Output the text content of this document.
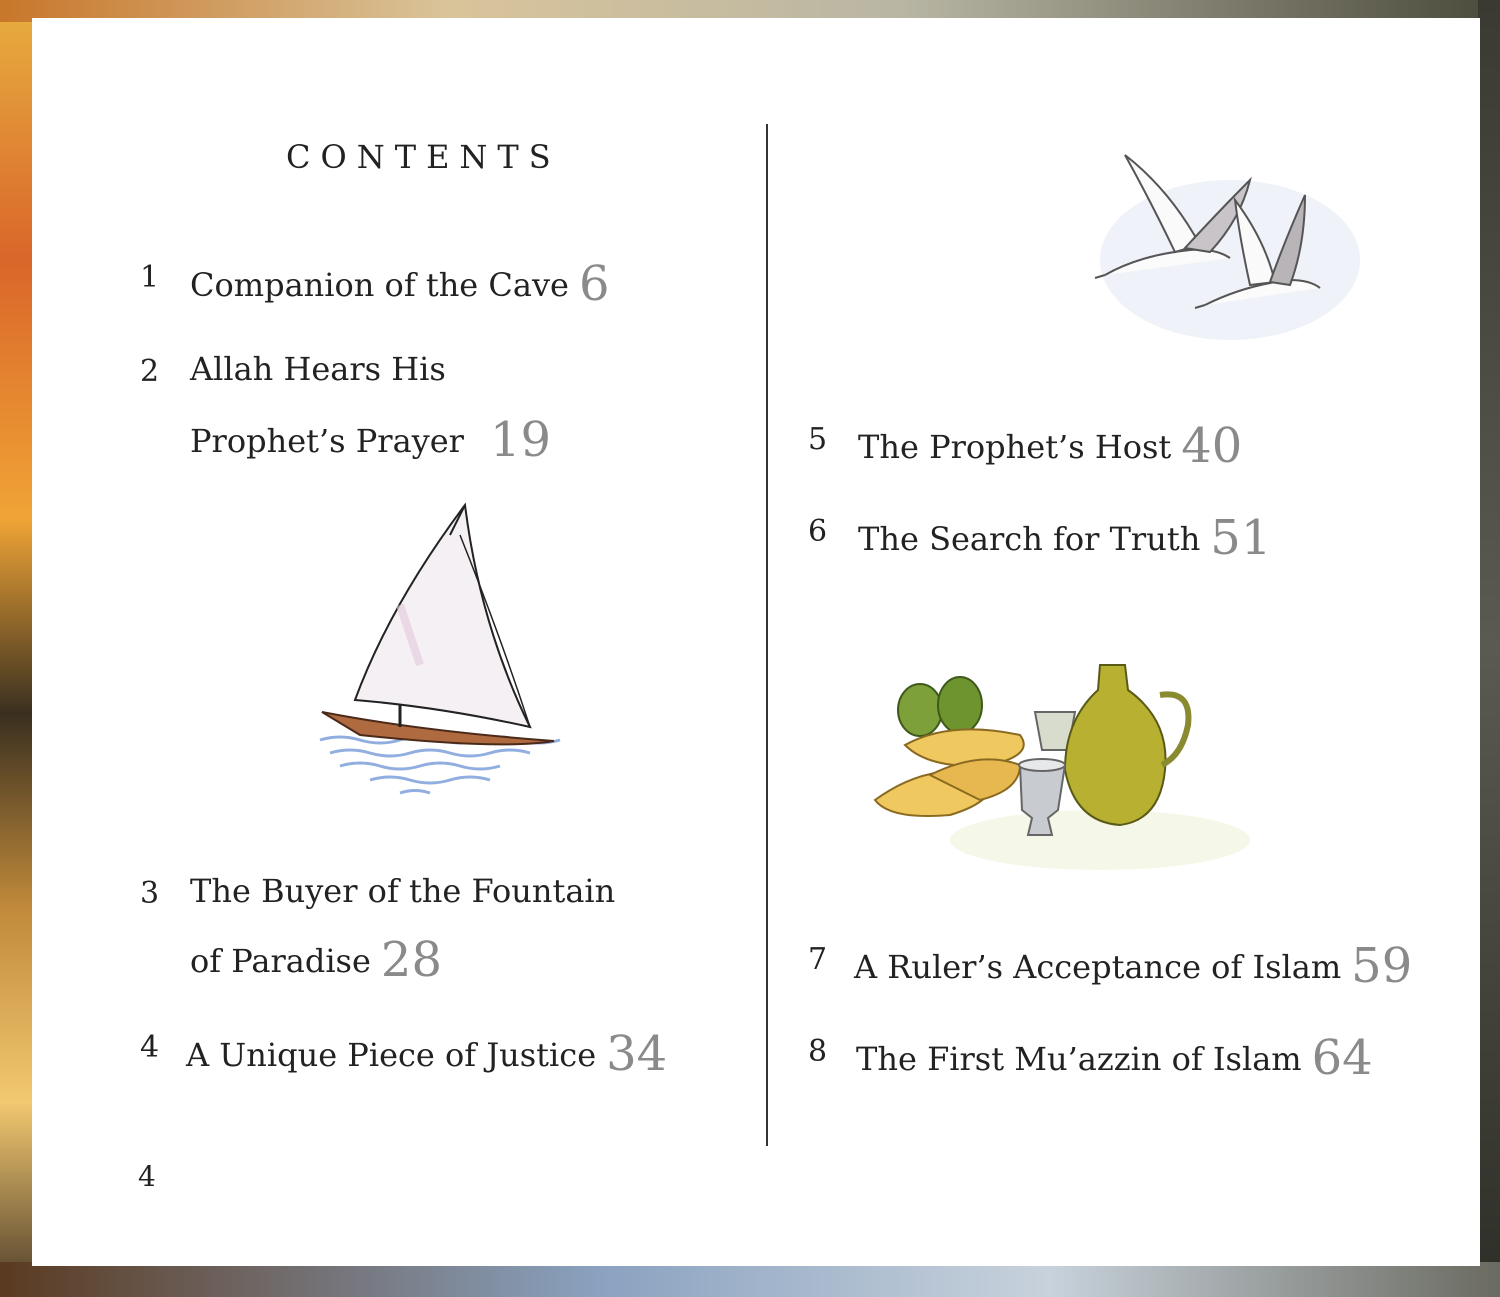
CONTENTS
1 Companion of the Cave 6
2 Allah Hears His
Prophet’s Prayer 19
3 The Buyer of the Fountain
of Paradise 28
4 A Unique Piece of Justice 34
4
5 The Prophet’s Host 40
6 The Search for Truth 51
7 A Ruler’s Acceptance of Islam 59
8 The First Mu’azzin of Islam 64
